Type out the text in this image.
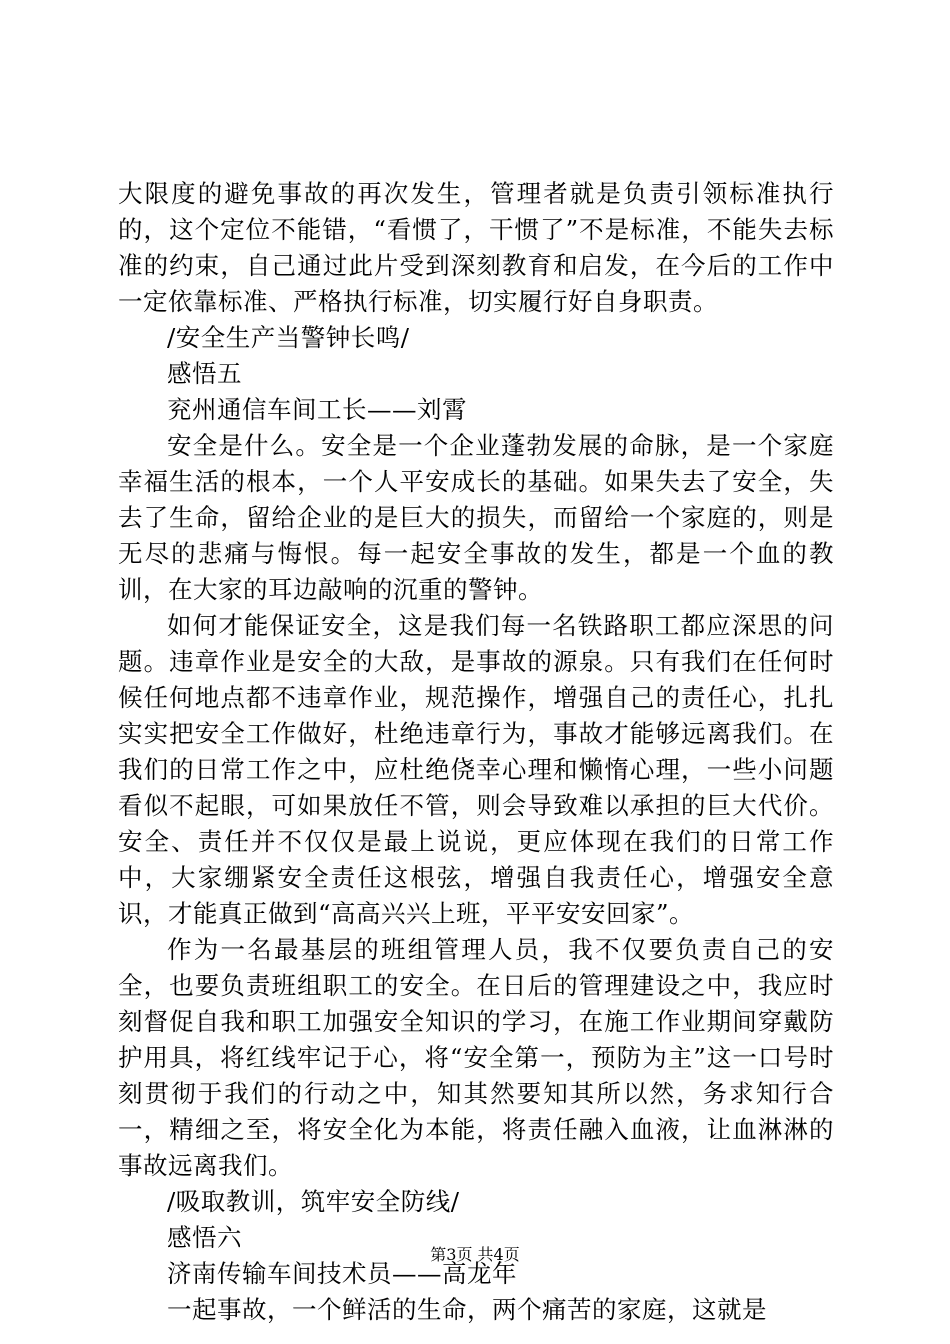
大限度的避免事故的再次发生，管理者就是负责引领标准执行的，这个定位不能错，“看惯了，干惯了”不是标准，不能失去标准的约束，自己通过此片受到深刻教育和启发，在今后的工作中一定依靠标准、严格执行标准，切实履行好自身职责。

/安全生产当警钟长鸣/

感悟五

兖州通信车间工长——刘霄

安全是什么。安全是一个企业蓬勃发展的命脉，是一个家庭幸福生活的根本，一个人平安成长的基础。如果失去了安全，失去了生命，留给企业的是巨大的损失，而留给一个家庭的，则是无尽的悲痛与悔恨。每一起安全事故的发生，都是一个血的教训，在大家的耳边敲响的沉重的警钟。

如何才能保证安全，这是我们每一名铁路职工都应深思的问题。违章作业是安全的大敌，是事故的源泉。只有我们在任何时候任何地点都不违章作业，规范操作，增强自己的责任心，扎扎实实把安全工作做好，杜绝违章行为，事故才能够远离我们。在我们的日常工作之中，应杜绝侥幸心理和懒惰心理，一些小问题看似不起眼，可如果放任不管，则会导致难以承担的巨大代价。安全、责任并不仅仅是最上说说，更应体现在我们的日常工作中，大家绷紧安全责任这根弦，增强自我责任心，增强安全意识，才能真正做到“高高兴兴上班，平平安安回家”。

作为一名最基层的班组管理人员，我不仅要负责自己的安全，也要负责班组职工的安全。在日后的管理建设之中，我应时刻督促自我和职工加强安全知识的学习，在施工作业期间穿戴防护用具，将红线牢记于心，将“安全第一，预防为主”这一口号时刻贯彻于我们的行动之中，知其然要知其所以然，务求知行合一，精细之至，将安全化为本能，将责任融入血液，让血淋淋的事故远离我们。

/吸取教训，筑牢安全防线/

感悟六

济南传输车间技术员——高龙年

一起事故，一个鲜活的生命，两个痛苦的家庭，这就是

第3页 共4页
